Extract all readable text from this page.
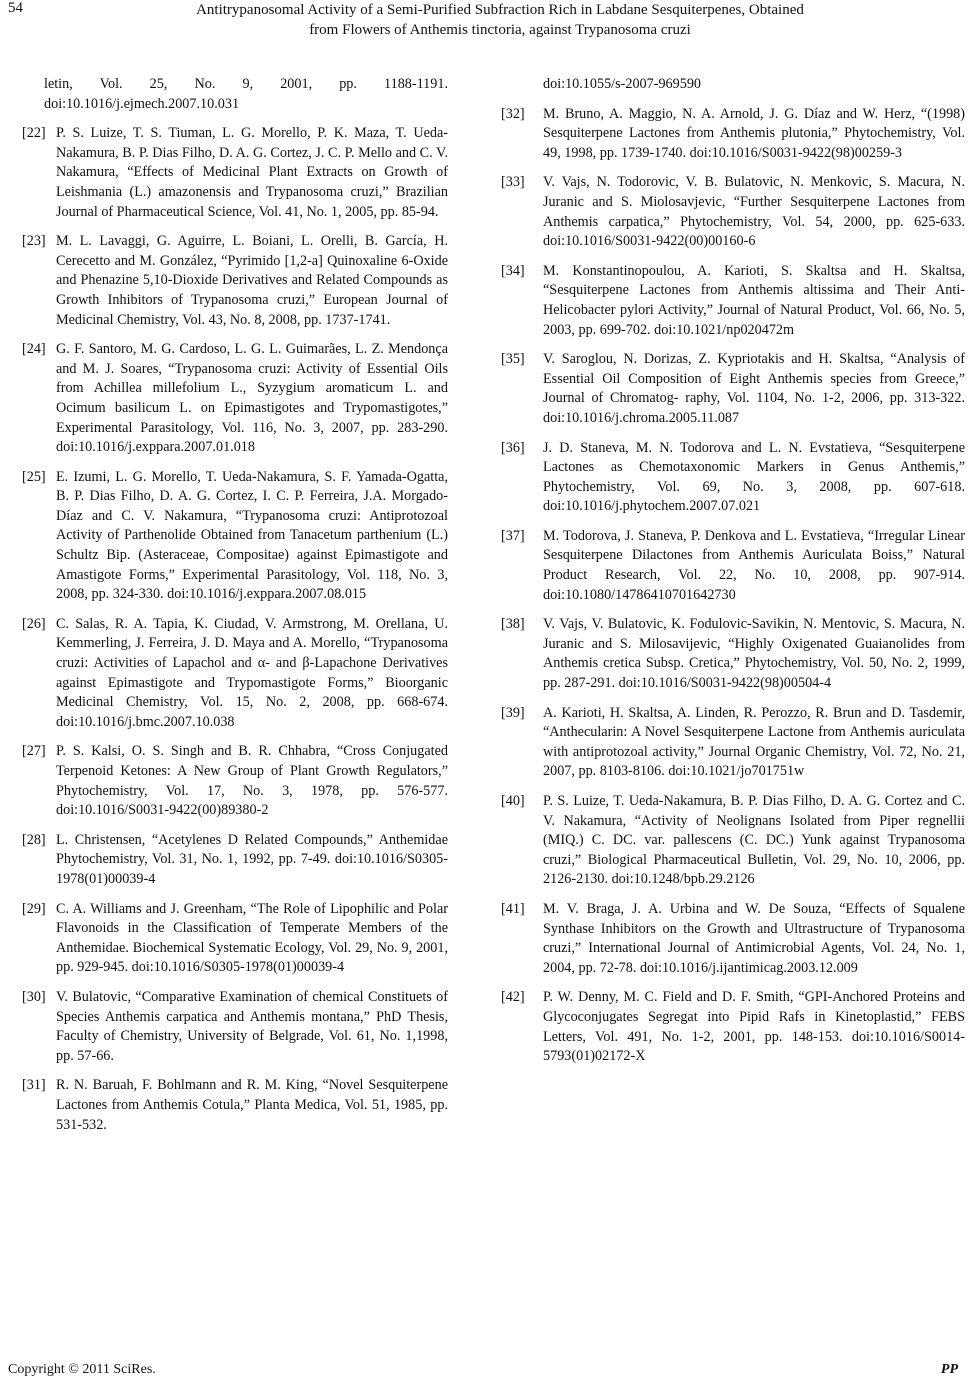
54	Antitrypanosomal Activity of a Semi-Purified Subfraction Rich in Labdane Sesquiterpenes, Obtained
from Flowers of Anthemis tinctoria, against Trypanosoma cruzi
letin, Vol. 25, No. 9, 2001, pp. 1188-1191. doi:10.1016/j.ejmech.2007.10.031
[22] P. S. Luize, T. S. Tiuman, L. G. Morello, P. K. Maza, T. Ueda-Nakamura, B. P. Dias Filho, D. A. G. Cortez, J. C. P. Mello and C. V. Nakamura, “Effects of Medicinal Plant Extracts on Growth of Leishmania (L.) amazonensis and Trypanosoma cruzi,” Brazilian Journal of Pharmaceutical Science, Vol. 41, No. 1, 2005, pp. 85-94.
[23] M. L. Lavaggi, G. Aguirre, L. Boiani, L. Orelli, B. García, H. Cerecetto and M. González, “Pyrimido [1,2-a] Quinoxaline 6-Oxide and Phenazine 5,10-Dioxide Derivatives and Related Compounds as Growth Inhibitors of Trypanosoma cruzi,” European Journal of Medicinal Chemistry, Vol. 43, No. 8, 2008, pp. 1737-1741.
[24] G. F. Santoro, M. G. Cardoso, L. G. L. Guimarães, L. Z. Mendonça and M. J. Soares, “Trypanosoma cruzi: Activity of Essential Oils from Achillea millefolium L., Syzygium aromaticum L. and Ocimum basilicum L. on Epimastigotes and Trypomastigotes,” Experimental Parasitology, Vol. 116, No. 3, 2007, pp. 283-290. doi:10.1016/j.exppara.2007.01.018
[25] E. Izumi, L. G. Morello, T. Ueda-Nakamura, S. F. Yamada-Ogatta, B. P. Dias Filho, D. A. G. Cortez, I. C. P. Ferreira, J.A. Morgado-Díaz and C. V. Nakamura, “Trypanosoma cruzi: Antiprotozoal Activity of Parthenolide Obtained from Tanacetum parthenium (L.) Schultz Bip. (Asteraceae, Compositae) against Epimastigote and Amastigote Forms,” Experimental Parasitology, Vol. 118, No. 3, 2008, pp. 324-330. doi:10.1016/j.exppara.2007.08.015
[26] C. Salas, R. A. Tapia, K. Ciudad, V. Armstrong, M. Orellana, U. Kemmerling, J. Ferreira, J. D. Maya and A. Morello, “Trypanosoma cruzi: Activities of Lapachol and α- and β-Lapachone Derivatives against Epimastigote and Trypomastigote Forms,” Bioorganic Medicinal Chemistry, Vol. 15, No. 2, 2008, pp. 668-674. doi:10.1016/j.bmc.2007.10.038
[27] P. S. Kalsi, O. S. Singh and B. R. Chhabra, “Cross Conjugated Terpenoid Ketones: A New Group of Plant Growth Regulators,” Phytochemistry, Vol. 17, No. 3, 1978, pp. 576-577. doi:10.1016/S0031-9422(00)89380-2
[28] L. Christensen, “Acetylenes D Related Compounds,” Anthemidae Phytochemistry, Vol. 31, No. 1, 1992, pp. 7-49. doi:10.1016/S0305-1978(01)00039-4
[29] C. A. Williams and J. Greenham, “The Role of Lipophilic and Polar Flavonoids in the Classification of Temperate Members of the Anthemidae. Biochemical Systematic Ecology, Vol. 29, No. 9, 2001, pp. 929-945. doi:10.1016/S0305-1978(01)00039-4
[30] V. Bulatovic, “Comparative Examination of chemical Constituets of Species Anthemis carpatica and Anthemis montana,” PhD Thesis, Faculty of Chemistry, University of Belgrade, Vol. 61, No. 1,1998, pp. 57-66.
[31] R. N. Baruah, F. Bohlmann and R. M. King, “Novel Sesquiterpene Lactones from Anthemis Cotula,” Planta Medica, Vol. 51, 1985, pp. 531-532.
doi:10.1055/s-2007-969590
[32] M. Bruno, A. Maggio, N. A. Arnold, J. G. Díaz and W. Herz, “(1998) Sesquiterpene Lactones from Anthemis plutonia,” Phytochemistry, Vol. 49, 1998, pp. 1739-1740. doi:10.1016/S0031-9422(98)00259-3
[33] V. Vajs, N. Todorovic, V. B. Bulatovic, N. Menkovic, S. Macura, N. Juranic and S. Miolosavjevic, “Further Sesquiterpene Lactones from Anthemis carpatica,” Phytochemistry, Vol. 54, 2000, pp. 625-633. doi:10.1016/S0031-9422(00)00160-6
[34] M. Konstantinopoulou, A. Karioti, S. Skaltsa and H. Skaltsa, “Sesquiterpene Lactones from Anthemis altissima and Their Anti-Helicobacter pylori Activity,” Journal of Natural Product, Vol. 66, No. 5, 2003, pp. 699-702. doi:10.1021/np020472m
[35] V. Saroglou, N. Dorizas, Z. Kypriotakis and H. Skaltsa, “Analysis of Essential Oil Composition of Eight Anthemis species from Greece,” Journal of Chromatog- raphy, Vol. 1104, No. 1-2, 2006, pp. 313-322. doi:10.1016/j.chroma.2005.11.087
[36] J. D. Staneva, M. N. Todorova and L. N. Evstatieva, “Sesquiterpene Lactones as Chemotaxonomic Markers in Genus Anthemis,” Phytochemistry, Vol. 69, No. 3, 2008, pp. 607-618. doi:10.1016/j.phytochem.2007.07.021
[37] M. Todorova, J. Staneva, P. Denkova and L. Evstatieva, “Irregular Linear Sesquiterpene Dilactones from Anthemis Auriculata Boiss,” Natural Product Research, Vol. 22, No. 10, 2008, pp. 907-914. doi:10.1080/14786410701642730
[38] V. Vajs, V. Bulatovic, K. Fodulovic-Savikin, N. Mentovic, S. Macura, N. Juranic and S. Milosavijevic, “Highly Oxigenated Guaianolides from Anthemis cretica Subsp. Cretica,” Phytochemistry, Vol. 50, No. 2, 1999, pp. 287-291. doi:10.1016/S0031-9422(98)00504-4
[39] A. Karioti, H. Skaltsa, A. Linden, R. Perozzo, R. Brun and D. Tasdemir, “Anthecularin: A Novel Sesquiterpene Lactone from Anthemis auriculata with antiprotozoal activity,” Journal Organic Chemistry, Vol. 72, No. 21, 2007, pp. 8103-8106. doi:10.1021/jo701751w
[40] P. S. Luize, T. Ueda-Nakamura, B. P. Dias Filho, D. A. G. Cortez and C. V. Nakamura, “Activity of Neolignans Isolated from Piper regnellii (MIQ.) C. DC. var. pallescens (C. DC.) Yunk against Trypanosoma cruzi,” Biological Pharmaceutical Bulletin, Vol. 29, No. 10, 2006, pp. 2126-2130. doi:10.1248/bpb.29.2126
[41] M. V. Braga, J. A. Urbina and W. De Souza, “Effects of Squalene Synthase Inhibitors on the Growth and Ultrastructure of Trypanosoma cruzi,” International Journal of Antimicrobial Agents, Vol. 24, No. 1, 2004, pp. 72-78. doi:10.1016/j.ijantimicag.2003.12.009
[42] P. W. Denny, M. C. Field and D. F. Smith, “GPI-Anchored Proteins and Glycoconjugates Segregat into Pipid Rafs in Kinetoplastid,” FEBS Letters, Vol. 491, No. 1-2, 2001, pp. 148-153. doi:10.1016/S0014-5793(01)02172-X
Copyright © 2011 SciRes.	PP
